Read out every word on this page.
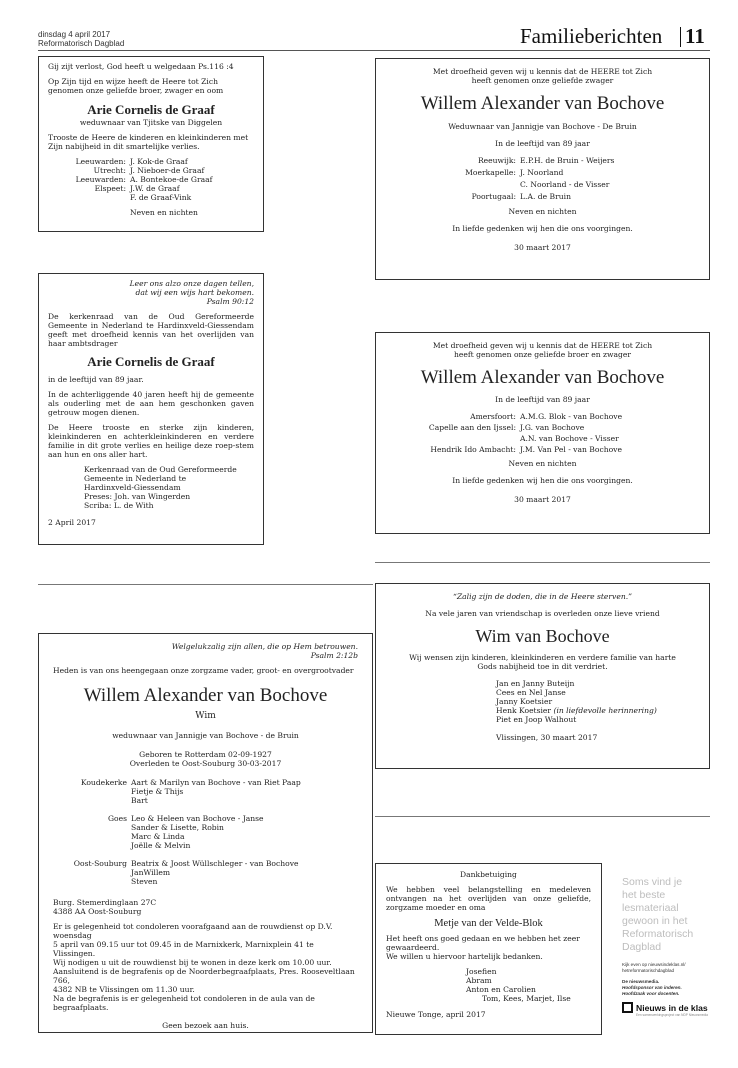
dinsdag 4 april 2017
Reformatorisch Dagblad	Familieberichten 11

Gij zijt verlost, God heeft u welgedaan Ps.116 :4

Op Zijn tijd en wijze heeft de Heere tot Zich genomen onze geliefde broer, zwager en oom

Arie Cornelis de Graaf

weduwnaar van Tjitske van Diggelen

Trooste de Heere de kinderen en kleinkinderen met Zijn nabijheid in dit smartelijke verlies.

Leeuwarden: J. Kok-de Graaf
Utrecht: J. Nieboer-de Graaf
Leeuwarden: A. Bontekoe-de Graaf
Elspeet: J.W. de Graaf
F. de Graaf-Vink

Neven en nichten

Leer ons alzo onze dagen tellen,

dat wij een wijs hart bekomen.

Psalm 90:12

De kerkenraad van de Oud Gereformeerde Gemeente in Nederland te Hardinxveld-Giessendam geeft met droefheid kennis van het overlijden van haar ambtsdrager

Arie Cornelis de Graaf

in de leeftijd van 89 jaar.

In de achterliggende 40 jaren heeft hij de gemeente als ouderling met de aan hem geschonken gaven getrouw mogen dienen.

De Heere trooste en sterke zijn kinderen, kleinkinderen en achterkleinkinderen en verdere familie in dit grote verlies en heilige deze roep-stem aan hun en ons aller hart.

Kerkenraad van de Oud Gereformeerde

Gemeente in Nederland te

Hardinxveld-Giessendam

Preses: Joh. van Wingerden

Scriba: L. de With

2 April 2017

Met droefheid geven wij u kennis dat de HEERE tot Zich

heeft genomen onze geliefde zwager

Willem Alexander van Bochove

Weduwnaar van Jannigje van Bochove - De Bruin

In de leeftijd van 89 jaar

Reeuwijk: E.P.H. de Bruin - Weijers
Moerkapelle: J. Noorland
C. Noorland - de Visser
Poortugaal: L.A. de Bruin

Neven en nichten

In liefde gedenken wij hen die ons voorgingen.

30 maart 2017

Met droefheid geven wij u kennis dat de HEERE tot Zich

heeft genomen onze geliefde broer en zwager

Willem Alexander van Bochove

In de leeftijd van 89 jaar

Amersfoort: A.M.G. Blok - van Bochove
Capelle aan den Ijssel: J.G. van Bochove
A.N. van Bochove - Visser
Hendrik Ido Ambacht: J.M. Van Pel - van Bochove

Neven en nichten

In liefde gedenken wij hen die ons voorgingen.

30 maart 2017

“Zalig zijn de doden, die in de Heere sterven.”

Na vele jaren van vriendschap is overleden onze lieve vriend

Wim van Bochove

Wij wensen zijn kinderen, kleinkinderen en verdere familie van harte

Gods nabijheid toe in dit verdriet.

Jan en Janny Buteijn

Cees en Nel Janse

Janny Koetsier

Henk Koetsier (in liefdevolle herinnering)

Piet en Joop Walhout

Vlissingen, 30 maart 2017

Welgelukzalig zijn allen, die op Hem betrouwen.

Psalm 2:12b

Heden is van ons heengegaan onze zorgzame vader, groot- en overgrootvader

Willem Alexander van Bochove

Wim

weduwnaar van Jannigje van Bochove - de Bruin

Geboren te Rotterdam 02-09-1927

Overleden te Oost-Souburg 30-03-2017

Koudekerke Aart & Marilyn van Bochove - van Riet Paap
Fietje & Thijs
Bart
Goes Leo & Heleen van Bochove - Janse
Sander & Lisette, Robin
Marc & Linda
Joëlle & Melvin
Oost-Souburg Beatrix & Joost Wüllschleger - van Bochove
JanWillem
Steven

Burg. Stemerdinglaan 27C

4388 AA Oost-Souburg

Er is gelegenheid tot condoleren voorafgaand aan de rouwdienst op D.V. woensdag

5 april van 09.15 uur tot 09.45 in de Marnixkerk, Marnixplein 41 te Vlissingen.

Wij nodigen u uit de rouwdienst bij te wonen in deze kerk om 10.00 uur.

Aansluitend is de begrafenis op de Noorderbegraafplaats, Pres. Rooseveltlaan 766,

4382 NB te Vlissingen om 11.30 uur.

Na de begrafenis is er gelegenheid tot condoleren in de aula van de begraafplaats.

Geen bezoek aan huis.

Dankbetuiging

We hebben veel belangstelling en medeleven ontvangen na het overlijden van onze geliefde, zorgzame moeder en oma

Metje van der Velde-Blok

Het heeft ons goed gedaan en we hebben het zeer gewaardeerd.

We willen u hiervoor hartelijk bedanken.

Josefien

Abram

Anton en Carolien

Tom, Kees, Marjet, Ilse

Nieuwe Tonge, april 2017

Soms vind je
het beste
lesmateriaal
gewoon in het
Reformatorisch
Dagblad
Kijk even op nieuwsindeklas.nl/
hetreformatorischdagblad
De nieuwsmedia.
Hoofdsponsor van inderen.
Hoofdzaak voor docenten.
Nieuws in de klas
Een samenwerkingsproject van NDP Nieuwsmedia
